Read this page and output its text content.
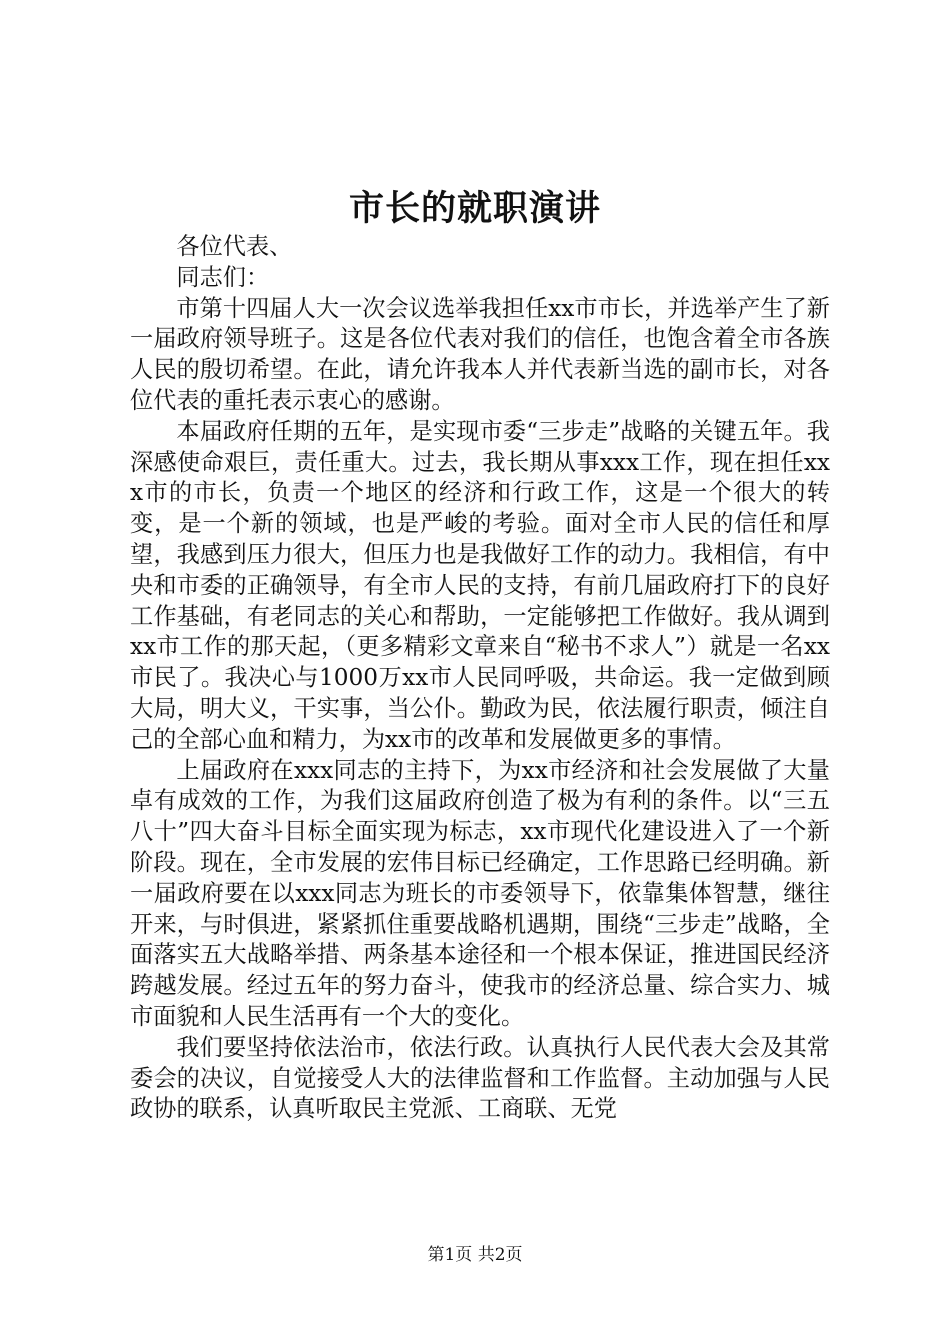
市长的就职演讲

各位代表、

同志们：

市第十四届人大一次会议选举我担任xx市市长，并选举产生了新一届政府领导班子。这是各位代表对我们的信任，也饱含着全市各族人民的殷切希望。在此，请允许我本人并代表新当选的副市长，对各位代表的重托表示衷心的感谢。

本届政府任期的五年，是实现市委“三步走”战略的关键五年。我深感使命艰巨，责任重大。过去，我长期从事xxx工作，现在担任xxx市的市长，负责一个地区的经济和行政工作，这是一个很大的转变，是一个新的领域，也是严峻的考验。面对全市人民的信任和厚望，我感到压力很大，但压力也是我做好工作的动力。我相信，有中央和市委的正确领导，有全市人民的支持，有前几届政府打下的良好工作基础，有老同志的关心和帮助，一定能够把工作做好。我从调到xx市工作的那天起，（更多精彩文章来自“秘书不求人”）就是一名xx市民了。我决心与1000万xx市人民同呼吸，共命运。我一定做到顾大局，明大义，干实事，当公仆。勤政为民，依法履行职责，倾注自己的全部心血和精力，为xx市的改革和发展做更多的事情。

上届政府在xxx同志的主持下，为xx市经济和社会发展做了大量卓有成效的工作，为我们这届政府创造了极为有利的条件。以“三五八十”四大奋斗目标全面实现为标志，xx市现代化建设进入了一个新阶段。现在，全市发展的宏伟目标已经确定，工作思路已经明确。新一届政府要在以xxx同志为班长的市委领导下，依靠集体智慧，继往开来，与时俱进，紧紧抓住重要战略机遇期，围绕“三步走”战略，全面落实五大战略举措、两条基本途径和一个根本保证，推进国民经济跨越发展。经过五年的努力奋斗，使我市的经济总量、综合实力、城市面貌和人民生活再有一个大的变化。

我们要坚持依法治市，依法行政。认真执行人民代表大会及其常委会的决议，自觉接受人大的法律监督和工作监督。主动加强与人民政协的联系，认真听取民主党派、工商联、无党

第1页 共2页
